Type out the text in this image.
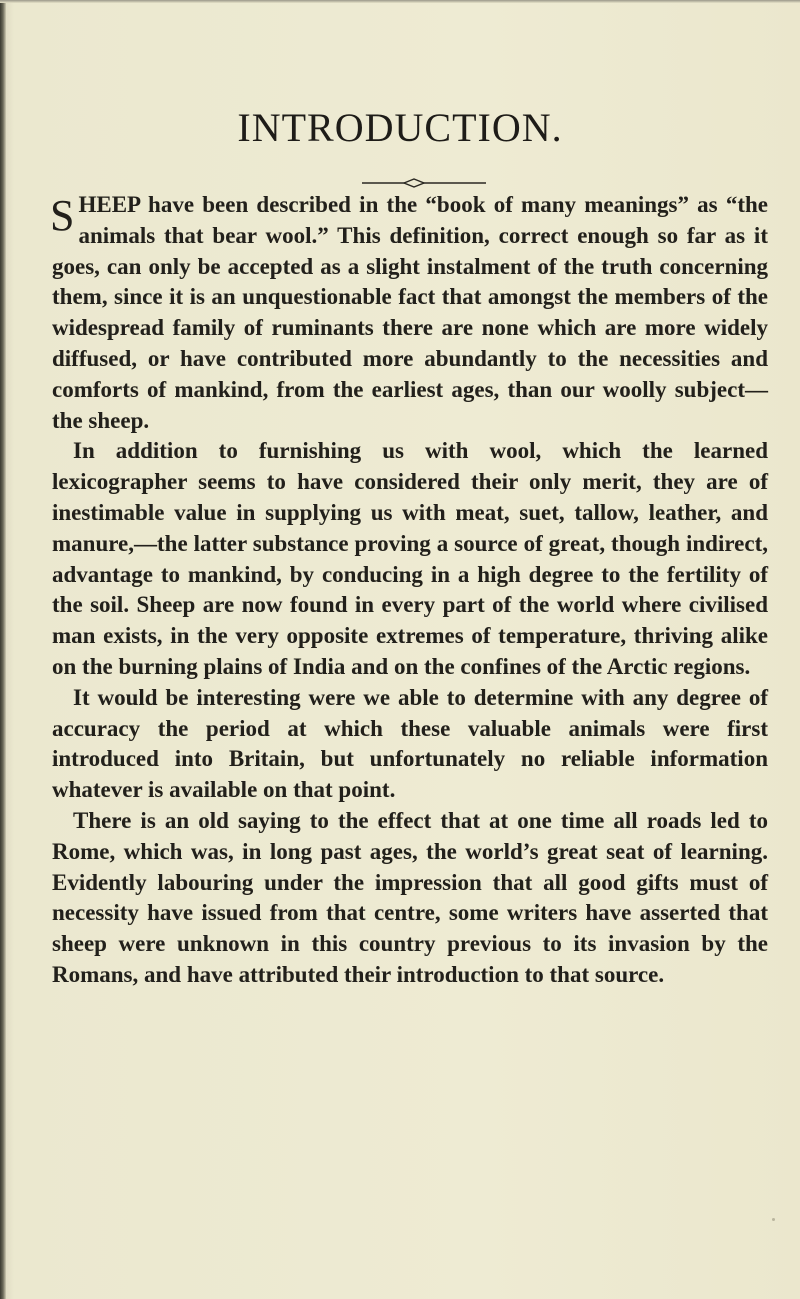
INTRODUCTION.

SHEEP have been described in the “book of many meanings” as “the animals that bear wool.” This definition, correct enough so far as it goes, can only be accepted as a slight instalment of the truth concerning them, since it is an unquestionable fact that amongst the members of the widespread family of ruminants there are none which are more widely diffused, or have contributed more abundantly to the necessities and comforts of mankind, from the earliest ages, than our woolly subject—the sheep.

In addition to furnishing us with wool, which the learned lexicographer seems to have considered their only merit, they are of inestimable value in supplying us with meat, suet, tallow, leather, and manure,—the latter substance proving a source of great, though indirect, advantage to mankind, by conducing in a high degree to the fertility of the soil. Sheep are now found in every part of the world where civilised man exists, in the very opposite extremes of temperature, thriving alike on the burning plains of India and on the confines of the Arctic regions.

It would be interesting were we able to determine with any degree of accuracy the period at which these valuable animals were first introduced into Britain, but unfortunately no reliable information whatever is available on that point.

There is an old saying to the effect that at one time all roads led to Rome, which was, in long past ages, the world’s great seat of learning. Evidently labouring under the impression that all good gifts must of necessity have issued from that centre, some writers have asserted that sheep were unknown in this country previous to its invasion by the Romans, and have attributed their introduction to that source.
